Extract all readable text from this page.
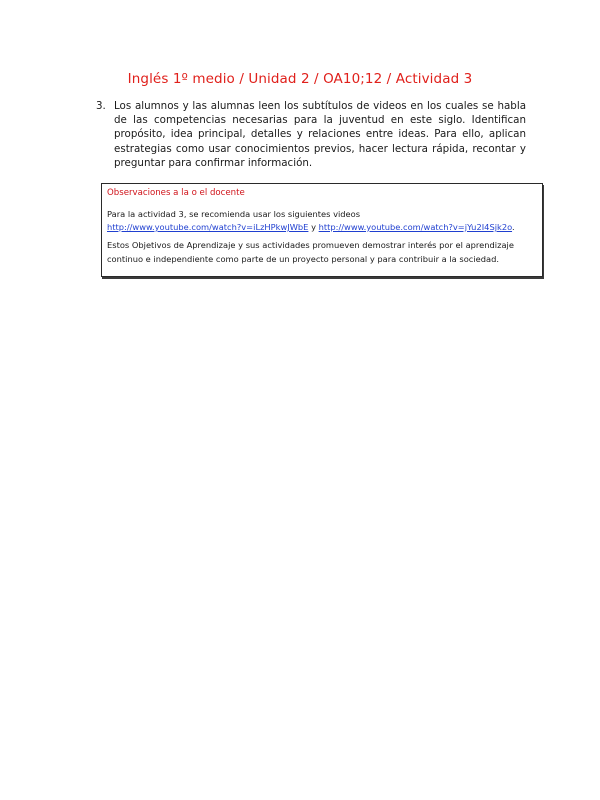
Inglés 1º medio / Unidad 2 / OA10;12 / Actividad 3
3. Los alumnos y las alumnas leen los subtítulos de videos en los cuales se habla de las competencias necesarias para la juventud en este siglo. Identifican propósito, idea principal, detalles y relaciones entre ideas. Para ello, aplican estrategias como usar conocimientos previos, hacer lectura rápida, recontar y preguntar para confirmar información.
Observaciones a la o el docente
Para la actividad 3, se recomienda usar los siguientes videos
http://www.youtube.com/watch?v=iLzHPkwJWbE y http://www.youtube.com/watch?v=jYu2I4Sjk2o.
Estos Objetivos de Aprendizaje y sus actividades promueven demostrar interés por el aprendizaje continuo e independiente como parte de un proyecto personal y para contribuir a la sociedad.
